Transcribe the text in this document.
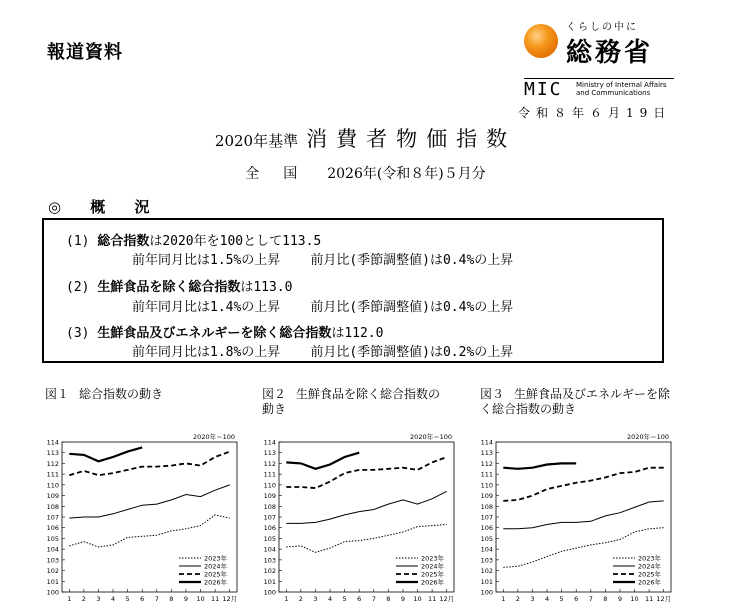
報道資料
くらしの中に
総務省
MIC Ministry of Internal Affairs
and Communications
令和８年６月19日
2020年基準 消費者物価指数
全国 2026年(令和８年)５月分
◎ 概 況
(1) 総合指数は2020年を100として113.5
前年同月比は1.5%の上昇 前月比(季節調整値)は0.4%の上昇
(2) 生鮮食品を除く総合指数は113.0
前年同月比は1.4%の上昇 前月比(季節調整値)は0.4%の上昇
(3) 生鮮食品及びエネルギーを除く総合指数は112.0
前年同月比は1.8%の上昇 前月比(季節調整値)は0.2%の上昇
図１ 総合指数の動き	図２ 生鮮食品を除く総合指数の動き
図３ 生鮮食品及びエネルギーを除く総合指数の動き
100
101
102
103
104
105
106
107
108
109
110
111
112
113
114
1 2 3 4 5 6 7 8 9 10 11 12月
2020年＝100
2023年
2024年
2025年
2026年
100
101
102
103
104
105
106
107
108
109
110
111
112
113
114
1 2 3 4 5 6 7 8 9 10 11 12月
2020年＝100
2023年
2024年
2025年
2026年
100
101
102
103
104
105
106
107
108
109
110
111
112
113
114
1 2 3 4 5 6 7 8 9 10 11 12月
2020年＝100
2023年
2024年
2025年
2026年
